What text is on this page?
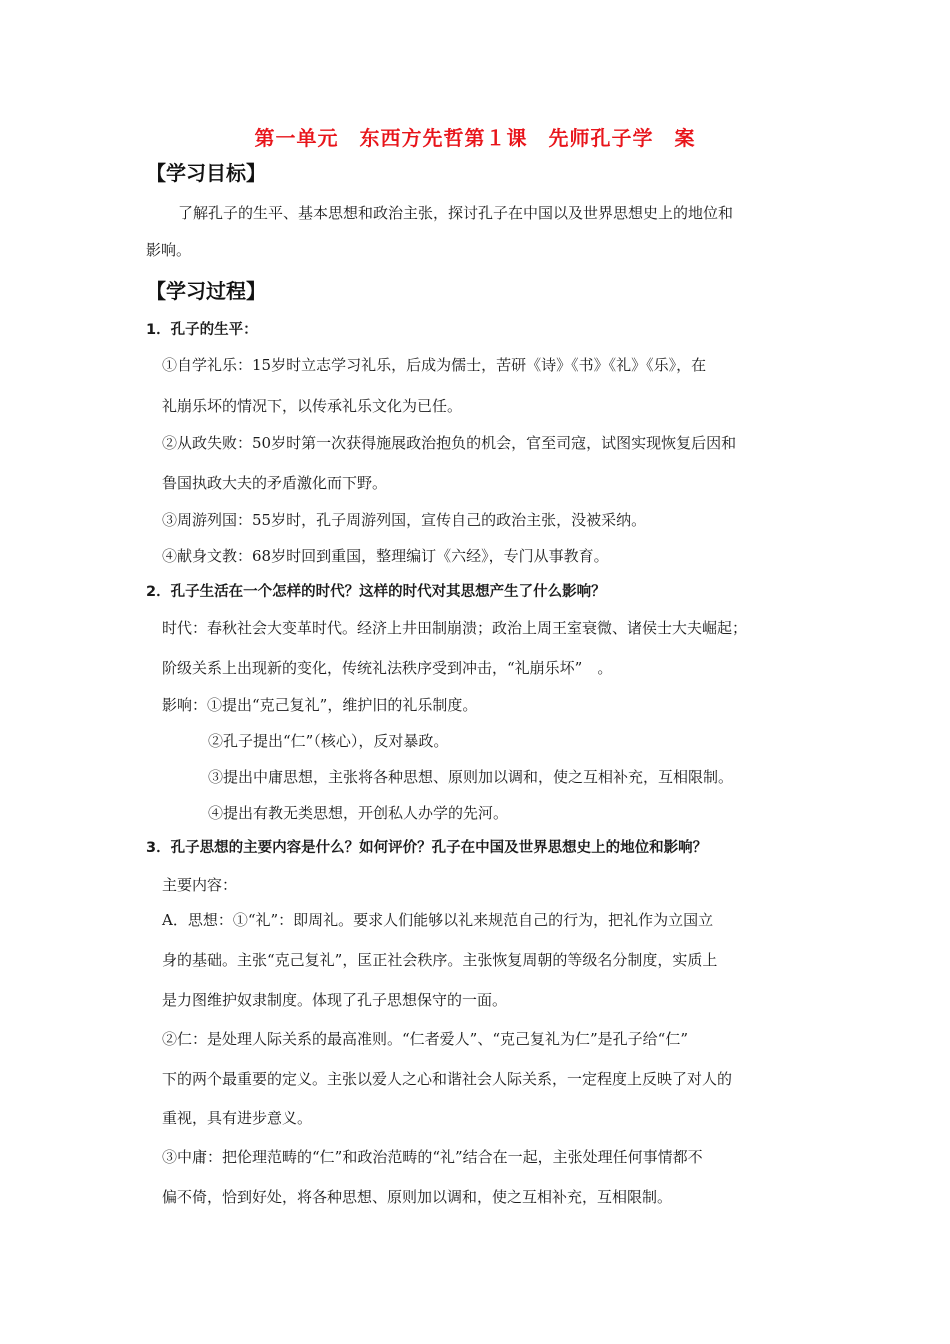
第一单元　东西方先哲第１课　先师孔子学　案
【学习目标】
了解孔子的生平、基本思想和政治主张，探讨孔子在中国以及世界思想史上的地位和
影响。
【学习过程】
1．孔子的生平：
①自学礼乐：15岁时立志学习礼乐，后成为儒士，苦研《诗》《书》《礼》《乐》，在
礼崩乐坏的情况下，以传承礼乐文化为已任。
②从政失败：50岁时第一次获得施展政治抱负的机会，官至司寇，试图实现恢复后因和
鲁国执政大夫的矛盾激化而下野。
③周游列国：55岁时，孔子周游列国，宣传自己的政治主张，没被采纳。
④献身文教：68岁时回到重国，整理编订《六经》，专门从事教育。
2．孔子生活在一个怎样的时代？这样的时代对其思想产生了什么影响？
时代：春秋社会大变革时代。经济上井田制崩溃；政治上周王室衰微、诸侯士大夫崛起；
阶级关系上出现新的变化，传统礼法秩序受到冲击，“礼崩乐坏”　。
影响：①提出“克己复礼”，维护旧的礼乐制度。
②孔子提出“仁”（核心），反对暴政。
③提出中庸思想，主张将各种思想、原则加以调和，使之互相补充，互相限制。
④提出有教无类思想，开创私人办学的先河。
3．孔子思想的主要内容是什么？如何评价？孔子在中国及世界思想史上的地位和影响？
主要内容：
A．思想：①“礼”：即周礼。要求人们能够以礼来规范自己的行为，把礼作为立国立
身的基础。主张“克己复礼”，匡正社会秩序。主张恢复周朝的等级名分制度，实质上
是力图维护奴隶制度。体现了孔子思想保守的一面。
②仁：是处理人际关系的最高准则。“仁者爱人”、“克己复礼为仁”是孔子给“仁”
下的两个最重要的定义。主张以爱人之心和谐社会人际关系，一定程度上反映了对人的
重视，具有进步意义。
③中庸：把伦理范畴的“仁”和政治范畴的“礼”结合在一起，主张处理任何事情都不
偏不倚，恰到好处，将各种思想、原则加以调和，使之互相补充，互相限制。
